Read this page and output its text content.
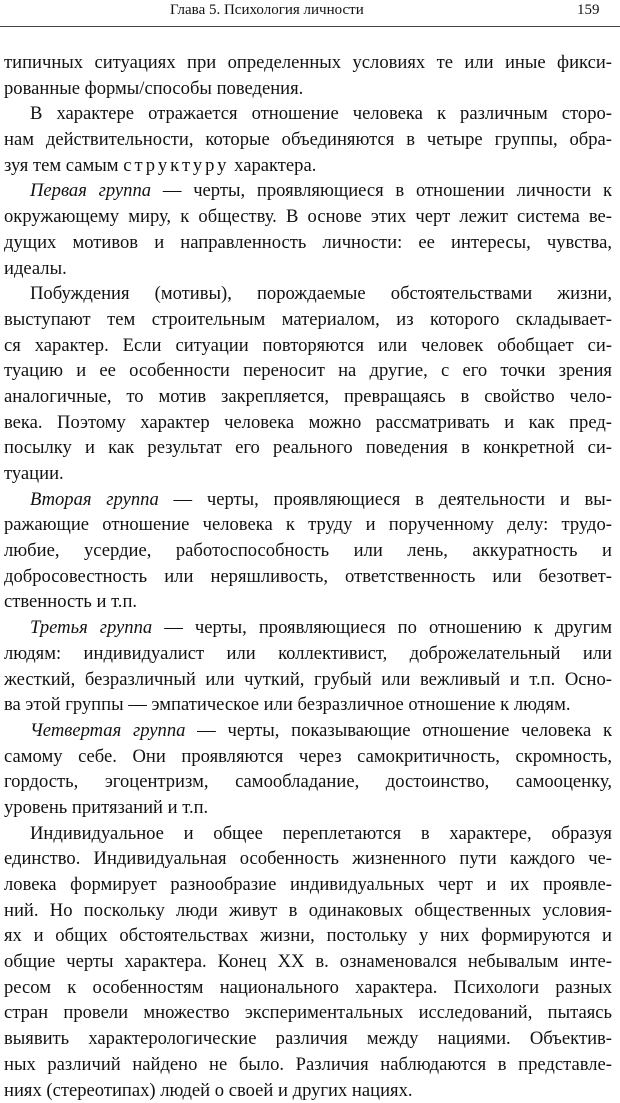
Глава 5. Психология личности	159
типичных ситуациях при определенных условиях те или иные фикси-
рованные формы/способы поведения.
В характере отражается отношение человека к различным сторо-
нам действительности, которые объединяются в четыре группы, обра-
зуя тем самым структуру характера.
Первая группа — черты, проявляющиеся в отношении личности к
окружающему миру, к обществу. В основе этих черт лежит система ве-
дущих мотивов и направленность личности: ее интересы, чувства,
идеалы.
Побуждения (мотивы), порождаемые обстоятельствами жизни,
выступают тем строительным материалом, из которого складывает-
ся характер. Если ситуации повторяются или человек обобщает си-
туацию и ее особенности переносит на другие, с его точки зрения
аналогичные, то мотив закрепляется, превращаясь в свойство чело-
века. Поэтому характер человека можно рассматривать и как пред-
посылку и как результат его реального поведения в конкретной си-
туации.
Вторая группа — черты, проявляющиеся в деятельности и вы-
ражающие отношение человека к труду и порученному делу: трудо-
любие, усердие, работоспособность или лень, аккуратность и
добросовестность или неряшливость, ответственность или безответ-
ственность и т.п.
Третья группа — черты, проявляющиеся по отношению к другим
людям: индивидуалист или коллективист, доброжелательный или
жесткий, безразличный или чуткий, грубый или вежливый и т.п. Осно-
ва этой группы — эмпатическое или безразличное отношение к людям.
Четвертая группа — черты, показывающие отношение человека к
самому себе. Они проявляются через самокритичность, скромность,
гордость, эгоцентризм, самообладание, достоинство, самооценку,
уровень притязаний и т.п.
Индивидуальное и общее переплетаются в характере, образуя
единство. Индивидуальная особенность жизненного пути каждого че-
ловека формирует разнообразие индивидуальных черт и их проявле-
ний. Но поскольку люди живут в одинаковых общественных условия-
ях и общих обстоятельствах жизни, постольку у них формируются и
общие черты характера. Конец XX в. ознаменовался небывалым инте-
ресом к особенностям национального характера. Психологи разных
стран провели множество экспериментальных исследований, пытаясь
выявить характерологические различия между нациями. Объектив-
ных различий найдено не было. Различия наблюдаются в представле-
ниях (стереотипах) людей о своей и других нациях.
